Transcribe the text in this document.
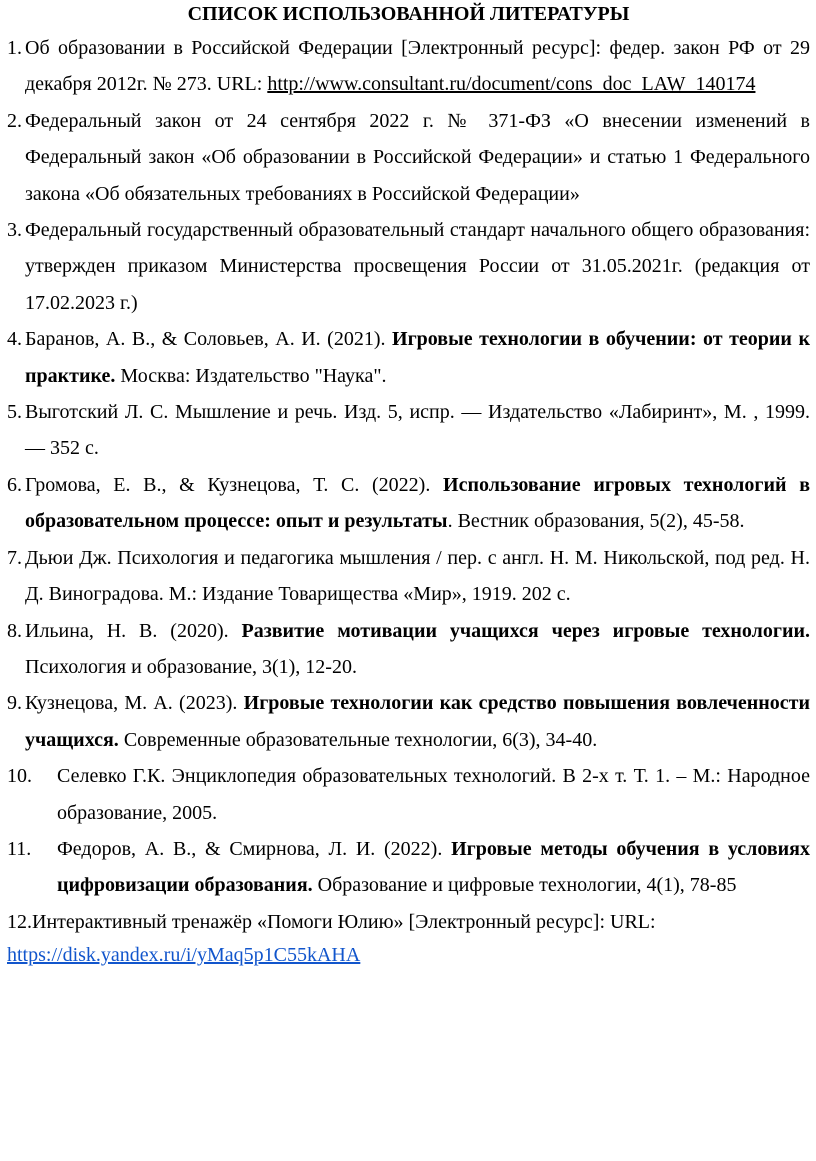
СПИСОК ИСПОЛЬЗОВАННОЙ ЛИТЕРАТУРЫ
1. Об образовании в Российской Федерации [Электронный ресурс]: федер. закон РФ от 29 декабря 2012г. № 273. URL: http://www.consultant.ru/document/cons_doc_LAW_140174
2. Федеральный закон от 24 сентября 2022 г. № 371-ФЗ «О внесении изменений в Федеральный закон «Об образовании в Российской Федерации» и статью 1 Федерального закона «Об обязательных требованиях в Российской Федерации»
3. Федеральный государственный образовательный стандарт начального общего образования: утвержден приказом Министерства просвещения России от 31.05.2021г. (редакция от 17.02.2023 г.)
4. Баранов, А. В., & Соловьев, А. И. (2021). Игровые технологии в обучении: от теории к практике. Москва: Издательство "Наука".
5. Выготский Л. С. Мышление и речь. Изд. 5, испр. — Издательство «Лабиринт», М. , 1999. — 352 с.
6. Громова, Е. В., & Кузнецова, Т. С. (2022). Использование игровых технологий в образовательном процессе: опыт и результаты. Вестник образования, 5(2), 45-58.
7. Дьюи Дж. Психология и педагогика мышления / пер. с англ. Н. М. Никольской, под ред. Н. Д. Виноградова. М.: Издание Товарищества «Мир», 1919. 202 с.
8. Ильина, Н. В. (2020). Развитие мотивации учащихся через игровые технологии. Психология и образование, 3(1), 12-20.
9. Кузнецова, М. А. (2023). Игровые технологии как средство повышения вовлеченности учащихся. Современные образовательные технологии, 6(3), 34-40.
10.	Селевко Г.К. Энциклопедия образовательных технологий. В 2-х т. Т. 1. – М.: Народное образование, 2005.
11.	Федоров, А. В., & Смирнова, Л. И. (2022). Игровые методы обучения в условиях цифровизации образования. Образование и цифровые технологии, 4(1), 78-85
12. Интерактивный тренажёр «Помоги Юлию» [Электронный ресурс]: URL:
https://disk.yandex.ru/i/yMaq5p1C55kAHA
